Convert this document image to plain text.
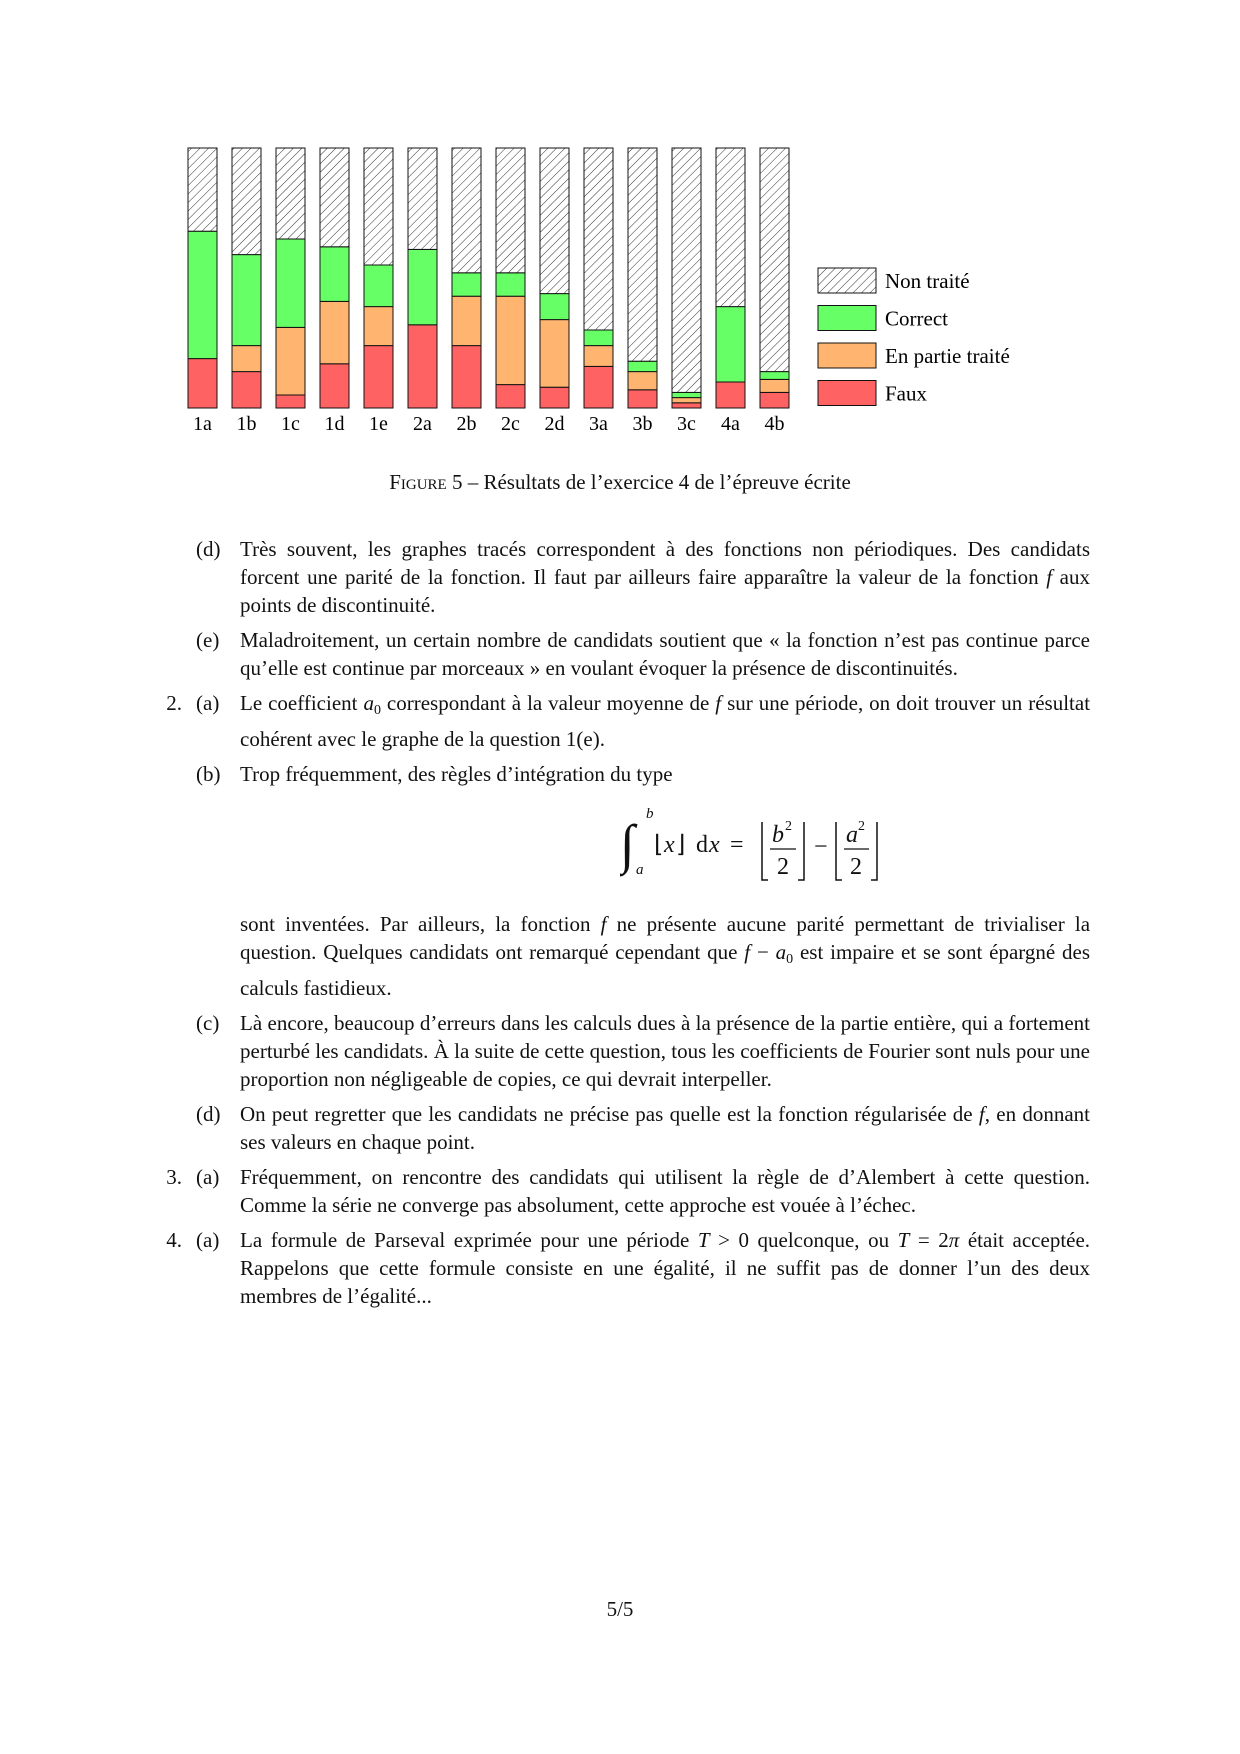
1a 1b 1c 1d 1e 2a 2b 2c 2d 3a 3b 3c 4a 4b
Non traité
Correct
En partie traité
Faux
Figure 5 – Résultats de l’exercice 4 de l’épreuve écrite
(d) Très souvent, les graphes tracés correspondent à des fonctions non périodiques. Des candidats forcent une parité de la fonction. Il faut par ailleurs faire apparaître la valeur de la fonction f aux points de discontinuité.
(e) Maladroitement, un certain nombre de candidats soutient que « la fonction n’est pas continue parce qu’elle est continue par morceaux » en voulant évoquer la présence de discontinuités.
2. (a) Le coefficient $a_0$ correspondant à la valeur moyenne de f sur une période, on doit trouver un résultat cohérent avec le graphe de la question 1(e).
(b) Trop fréquemment, des règles d’intégration du type
∫ b
a
⌊ x ⌋ d x = b 2
2
− a 2
2
sont inventées. Par ailleurs, la fonction f ne présente aucune parité permettant de trivialiser la question. Quelques candidats ont remarqué cependant que $f - a_0$ est impaire et se sont épargné des calculs fastidieux.
(c) Là encore, beaucoup d’erreurs dans les calculs dues à la présence de la partie entière, qui a fortement perturbé les candidats. À la suite de cette question, tous les coefficients de Fourier sont nuls pour une proportion non négligeable de copies, ce qui devrait interpeller.
(d) On peut regretter que les candidats ne précise pas quelle est la fonction régularisée de f, en donnant ses valeurs en chaque point.
3. (a) Fréquemment, on rencontre des candidats qui utilisent la règle de d’Alembert à cette question. Comme la série ne converge pas absolument, cette approche est vouée à l’échec.
4. (a) La formule de Parseval exprimée pour une période T > 0 quelconque, ou T = 2π était acceptée. Rappelons que cette formule consiste en une égalité, il ne suffit pas de donner l’un des deux membres de l’égalité...
5/5
